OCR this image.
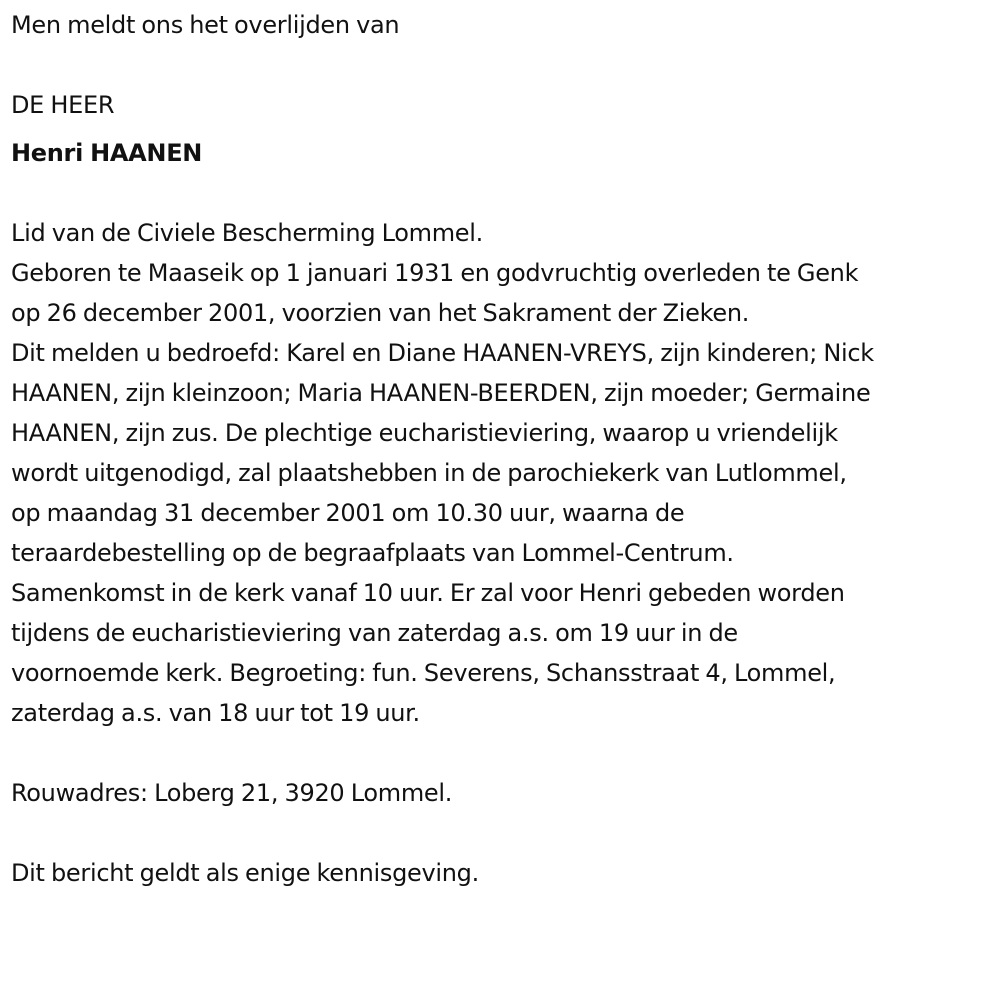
Men meldt ons het overlijden van

DE HEER

Henri HAANEN

Lid van de Civiele Bescherming Lommel.

Geboren te Maaseik op 1 januari 1931 en godvruchtig overleden te Genk

op 26 december 2001, voorzien van het Sakrament der Zieken.

Dit melden u bedroefd: Karel en Diane HAANEN-VREYS, zijn kinderen; Nick

HAANEN, zijn kleinzoon; Maria HAANEN-BEERDEN, zijn moeder; Germaine

HAANEN, zijn zus. De plechtige eucharistieviering, waarop u vriendelijk

wordt uitgenodigd, zal plaatshebben in de parochiekerk van Lutlommel,

op maandag 31 december 2001 om 10.30 uur, waarna de

teraardebestelling op de begraafplaats van Lommel-Centrum.

Samenkomst in de kerk vanaf 10 uur. Er zal voor Henri gebeden worden

tijdens de eucharistieviering van zaterdag a.s. om 19 uur in de

voornoemde kerk. Begroeting: fun. Severens, Schansstraat 4, Lommel,

zaterdag a.s. van 18 uur tot 19 uur.

Rouwadres: Loberg 21, 3920 Lommel.

Dit bericht geldt als enige kennisgeving.
